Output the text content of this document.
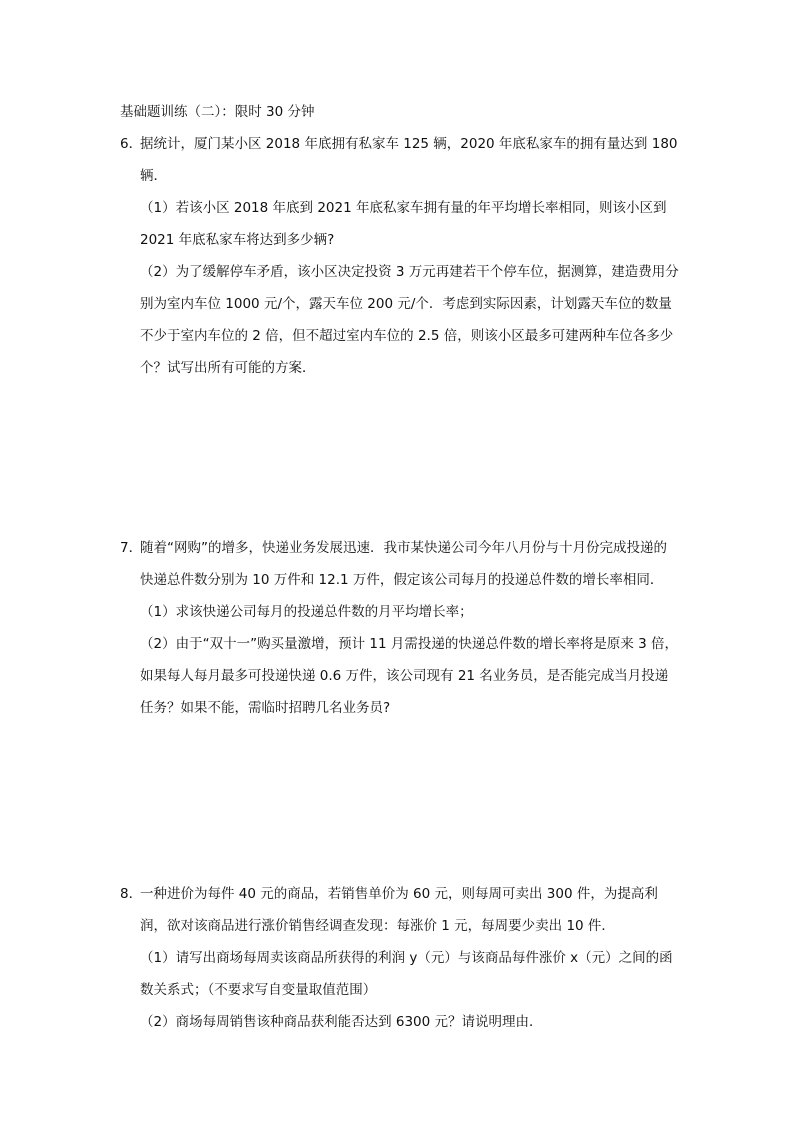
基础题训练（二）：限时 30 分钟

6．据统计，厦门某小区 2018 年底拥有私家车 125 辆，2020 年底私家车的拥有量达到 180 辆．

（1）若该小区 2018 年底到 2021 年底私家车拥有量的年平均增长率相同，则该小区到 2021 年底私家车将达到多少辆?

（2）为了缓解停车矛盾，该小区决定投资 3 万元再建若干个停车位，据测算，建造费用分别为室内车位 1000 元/个，露天车位 200 元/个．考虑到实际因素，计划露天车位的数量不少于室内车位的 2 倍，但不超过室内车位的 2.5 倍，则该小区最多可建两种车位各多少个？试写出所有可能的方案．

7．随着“网购”的增多，快递业务发展迅速．我市某快递公司今年八月份与十月份完成投递的快递总件数分别为 10 万件和 12.1 万件，假定该公司每月的投递总件数的增长率相同．

（1）求该快递公司每月的投递总件数的月平均增长率；

（2）由于“双十一”购买量激增，预计 11 月需投递的快递总件数的增长率将是原来 3 倍，如果每人每月最多可投递快递 0.6 万件，该公司现有 21 名业务员，是否能完成当月投递任务？如果不能，需临时招聘几名业务员?

8．一种进价为每件 40 元的商品，若销售单价为 60 元，则每周可卖出 300 件，为提高利润，欲对该商品进行涨价销售经调查发现：每涨价 1 元，每周要少卖出 10 件．

（1）请写出商场每周卖该商品所获得的利润 y（元）与该商品每件涨价 x（元）之间的函数关系式；（不要求写自变量取值范围）

（2）商场每周销售该种商品获利能否达到 6300 元？请说明理由．
